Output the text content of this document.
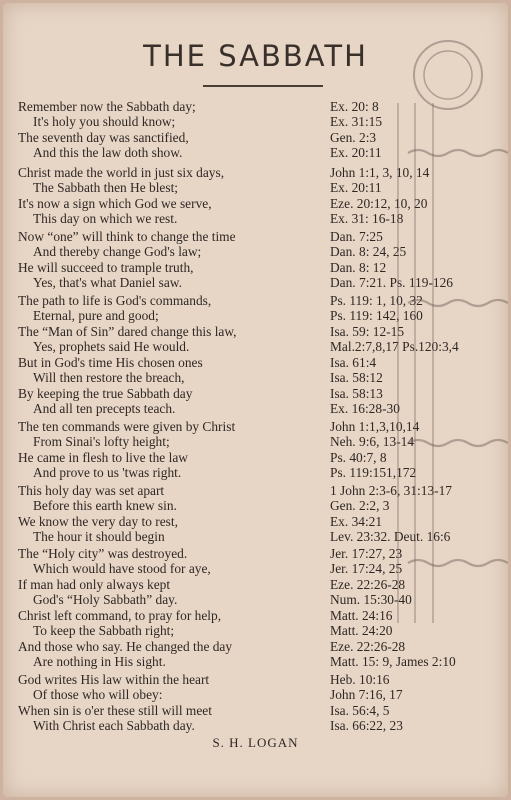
THE SABBATH
Remember now the Sabbath day;	Ex. 20: 8
It's holy you should know;	Ex. 31:15
The seventh day was sanctified,	Gen. 2:3
And this the law doth show.	Ex. 20:11
Christ made the world in just six days,	John 1:1, 3, 10, 14
The Sabbath then He blest;	Ex. 20:11
It's now a sign which God we serve,	Eze. 20:12, 10, 20
This day on which we rest.	Ex. 31: 16-18
Now “one” will think to change the time	Dan. 7:25
And thereby change God's law;	Dan. 8: 24, 25
He will succeed to trample truth,	Dan. 8: 12
Yes, that's what Daniel saw.	Dan. 7:21. Ps. 119-126
The path to life is God's commands,	Ps. 119: 1, 10, 32
Eternal, pure and good;	Ps. 119: 142, 160
The “Man of Sin” dared change this law,	Isa. 59: 12-15
Yes, prophets said He would.	Mal.2:7,8,17 Ps.120:3,4
But in God's time His chosen ones	Isa. 61:4
Will then restore the breach,	Isa. 58:12
By keeping the true Sabbath day	Isa. 58:13
And all ten precepts teach.	Ex. 16:28-30
The ten commands were given by Christ	John 1:1,3,10,14
From Sinai's lofty height;	Neh. 9:6, 13-14
He came in flesh to live the law	Ps. 40:7, 8
And prove to us 'twas right.	Ps. 119:151,172
This holy day was set apart	1 John 2:3-6, 31:13-17
Before this earth knew sin.	Gen. 2:2, 3
We know the very day to rest,	Ex. 34:21
The hour it should begin	Lev. 23:32. Deut. 16:6
The “Holy city” was destroyed.	Jer. 17:27, 23
Which would have stood for aye,	Jer. 17:24, 25
If man had only always kept	Eze. 22:26-28
God's “Holy Sabbath” day.	Num. 15:30-40
Christ left command, to pray for help,	Matt. 24:16
To keep the Sabbath right;	Matt. 24:20
And those who say. He changed the day	Eze. 22:26-28
Are nothing in His sight.	Matt. 15: 9, James 2:10
God writes His law within the heart	Heb. 10:16
Of those who will obey:	John 7:16, 17
When sin is o'er these still will meet	Isa. 56:4, 5
With Christ each Sabbath day.	Isa. 66:22, 23
S. H. LOGAN
